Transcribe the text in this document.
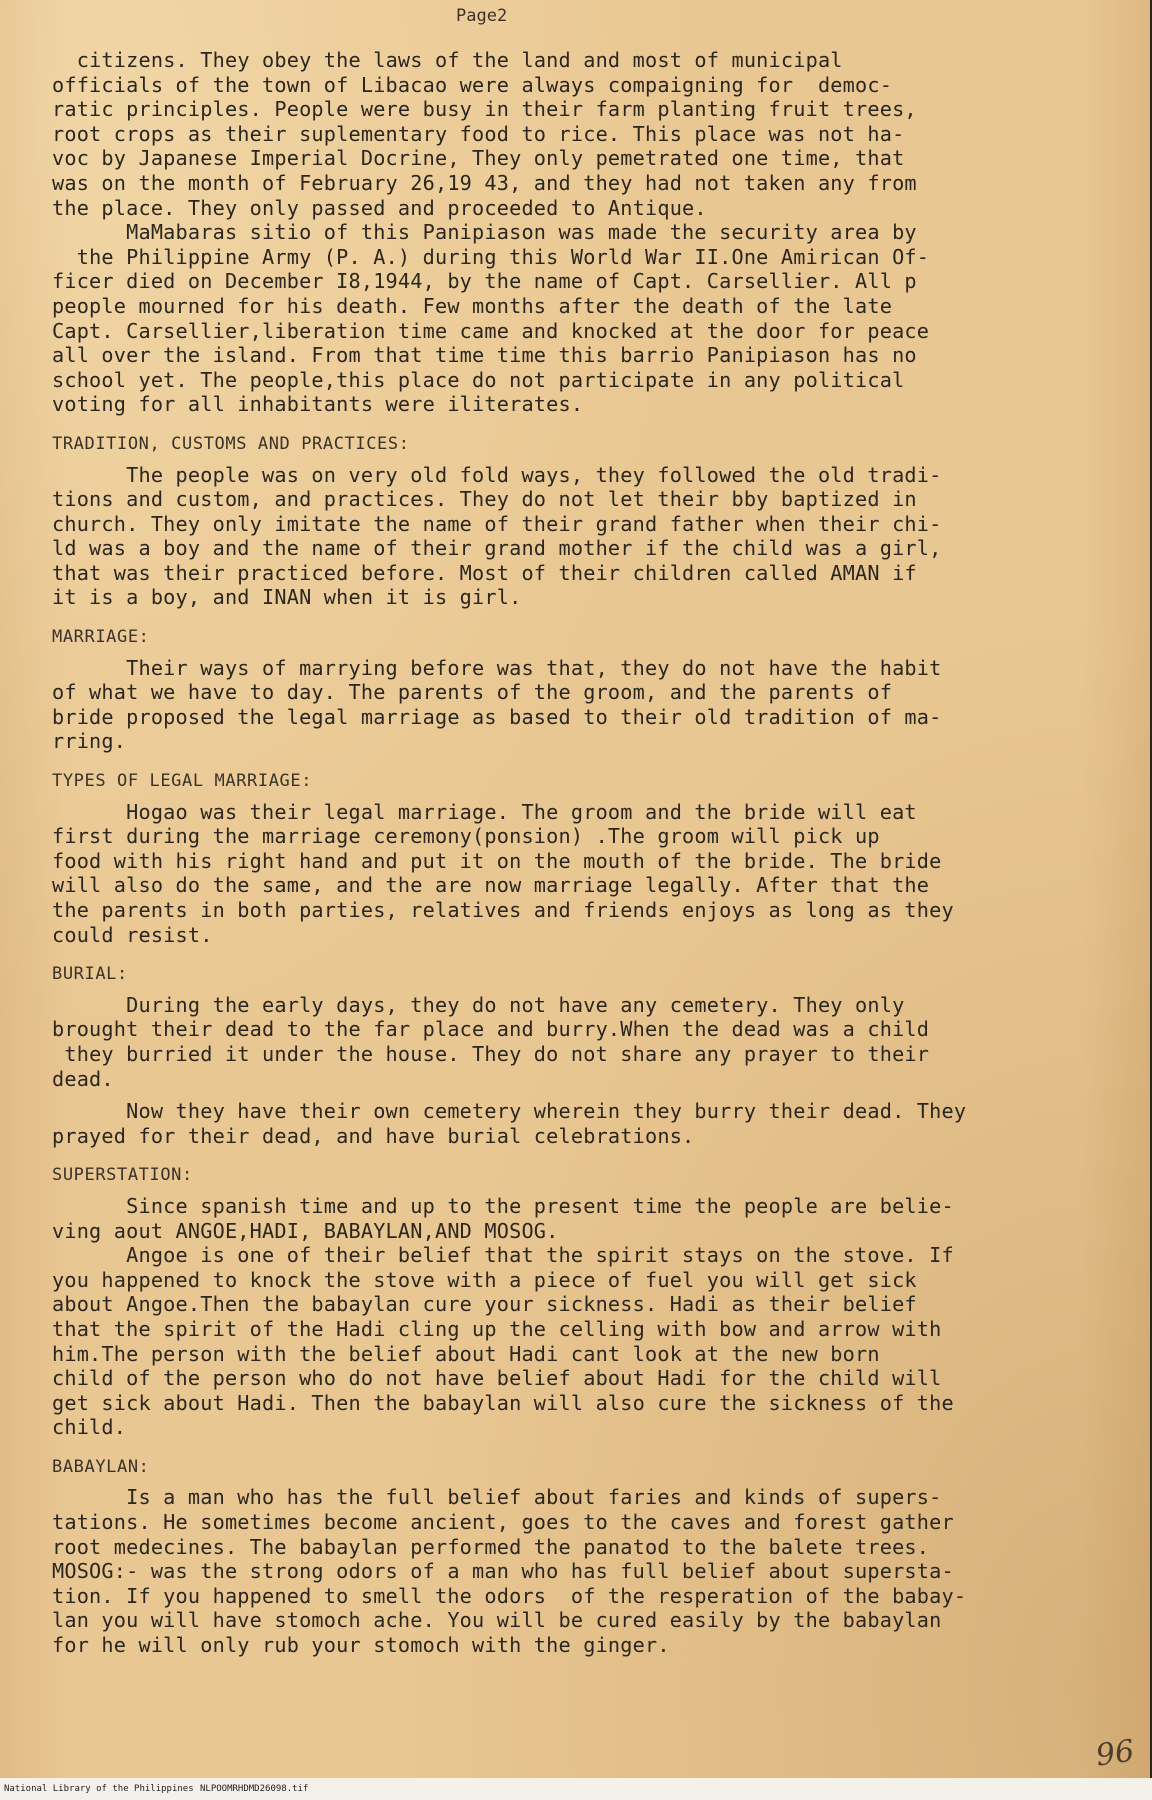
Page2

citizens. They obey the laws of the land and most of municipal
officials of the town of Libacao were always compaigning for  democ-
ratic principles. People were busy in their farm planting fruit trees,
root crops as their suplementary food to rice. This place was not ha-
voc by Japanese Imperial Docrine, They only pemetrated one time, that
was on the month of February 26,19 43, and they had not taken any from
the place. They only passed and proceeded to Antique.

MaMabaras sitio of this Panipiason was made the security area by
the Philippine Army (P. A.) during this World War II.One Amirican Of-
ficer died on December I8,1944, by the name of Capt. Carsellier. All p
people mourned for his death. Few months after the death of the late
Capt. Carsellier,liberation time came and knocked at the door for peace
all over the island. From that time time this barrio Panipiason has no
school yet. The people,this place do not participate in any political
voting for all inhabitants were iliterates.

TRADITION, CUSTOMS AND PRACTICES:

The people was on very old fold ways, they followed the old tradi-
tions and custom, and practices. They do not let their bby baptized in
church. They only imitate the name of their grand father when their chi-
ld was a boy and the name of their grand mother if the child was a girl,
that was their practiced before. Most of their children called AMAN if
it is a boy, and INAN when it is girl.

MARRIAGE:

Their ways of marrying before was that, they do not have the habit
of what we have to day. The parents of the groom, and the parents of
bride proposed the legal marriage as based to their old tradition of ma-
rring.

TYPES OF LEGAL MARRIAGE:

Hogao was their legal marriage. The groom and the bride will eat
first during the marriage ceremony(ponsion) .The groom will pick up
food with his right hand and put it on the mouth of the bride. The bride
will also do the same, and the are now marriage legally. After that the
the parents in both parties, relatives and friends enjoys as long as they
could resist.

BURIAL:

During the early days, they do not have any cemetery. They only
brought their dead to the far place and burry.When the dead was a child
they burried it under the house. They do not share any prayer to their
dead.

Now they have their own cemetery wherein they burry their dead. They
prayed for their dead, and have burial celebrations.

SUPERSTATION:

Since spanish time and up to the present time the people are belie-
ving aout ANGOE,HADI, BABAYLAN,AND MOSOG.

Angoe is one of their belief that the spirit stays on the stove. If
you happened to knock the stove with a piece of fuel you will get sick
about Angoe.Then the babaylan cure your sickness. Hadi as their belief
that the spirit of the Hadi cling up the celling with bow and arrow with
him.The person with the belief about Hadi cant look at the new born
child of the person who do not have belief about Hadi for the child will
get sick about Hadi. Then the babaylan will also cure the sickness of the
child.

BABAYLAN:

Is a man who has the full belief about faries and kinds of supers-
tations. He sometimes become ancient, goes to the caves and forest gather
root medecines. The babaylan performed the panatod to the balete trees.
MOSOG:- was the strong odors of a man who has full belief about supersta-
tion. If you happened to smell the odors  of the resperation of the babay-
lan you will have stomoch ache. You will be cured easily by the babaylan
for he will only rub your stomoch with the ginger.

96
National Library of the Philippines NLPOOMRHDMD26098.tif
